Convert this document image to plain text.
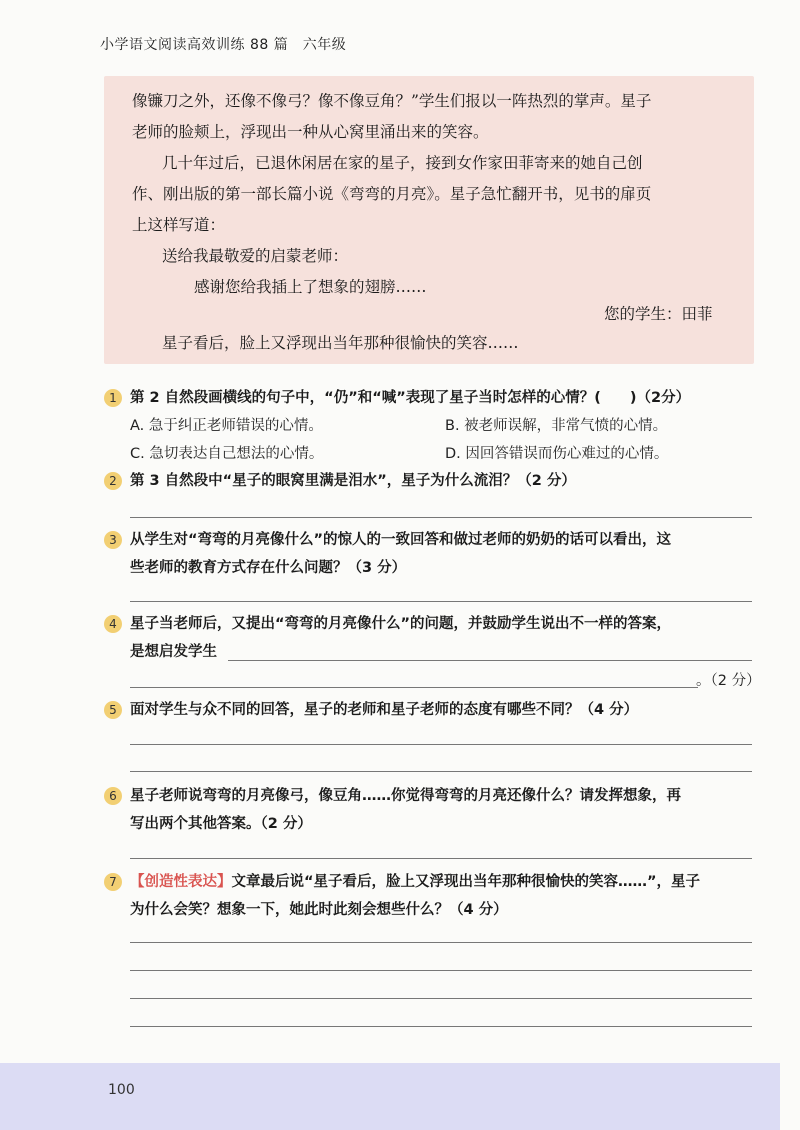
小学语文阅读高效训练 88 篇　六年级
像镰刀之外，还像不像弓？像不像豆角？”学生们报以一阵热烈的掌声。星子
老师的脸颊上，浮现出一种从心窝里涌出来的笑容。
几十年过后，已退休闲居在家的星子，接到女作家田菲寄来的她自己创
作、刚出版的第一部长篇小说《弯弯的月亮》。星子急忙翻开书，见书的扉页
上这样写道：
送给我最敬爱的启蒙老师：
感谢您给我插上了想象的翅膀……
您的学生：田菲
星子看后，脸上又浮现出当年那种很愉快的笑容……
1 第 2 自然段画横线的句子中，“仍”和“喊”表现了星子当时怎样的心情？(　　)（2分）
A. 急于纠正老师错误的心情。	B. 被老师误解，非常气愤的心情。
C. 急切表达自己想法的心情。	D. 因回答错误而伤心难过的心情。
2 第 3 自然段中“星子的眼窝里满是泪水”，星子为什么流泪？（2 分）
3 从学生对“弯弯的月亮像什么”的惊人的一致回答和做过老师的奶奶的话可以看出，这
些老师的教育方式存在什么问题？（3 分）
4 星子当老师后，又提出“弯弯的月亮像什么”的问题，并鼓励学生说出不一样的答案，
是想启发学生
。（2 分）
5 面对学生与众不同的回答，星子的老师和星子老师的态度有哪些不同？（4 分）
6 星子老师说弯弯的月亮像弓，像豆角……你觉得弯弯的月亮还像什么？请发挥想象，再
写出两个其他答案。（2 分）
7 【创造性表达】文章最后说“星子看后，脸上又浮现出当年那种很愉快的笑容……”，星子
为什么会笑？想象一下，她此时此刻会想些什么？（4 分）
100
